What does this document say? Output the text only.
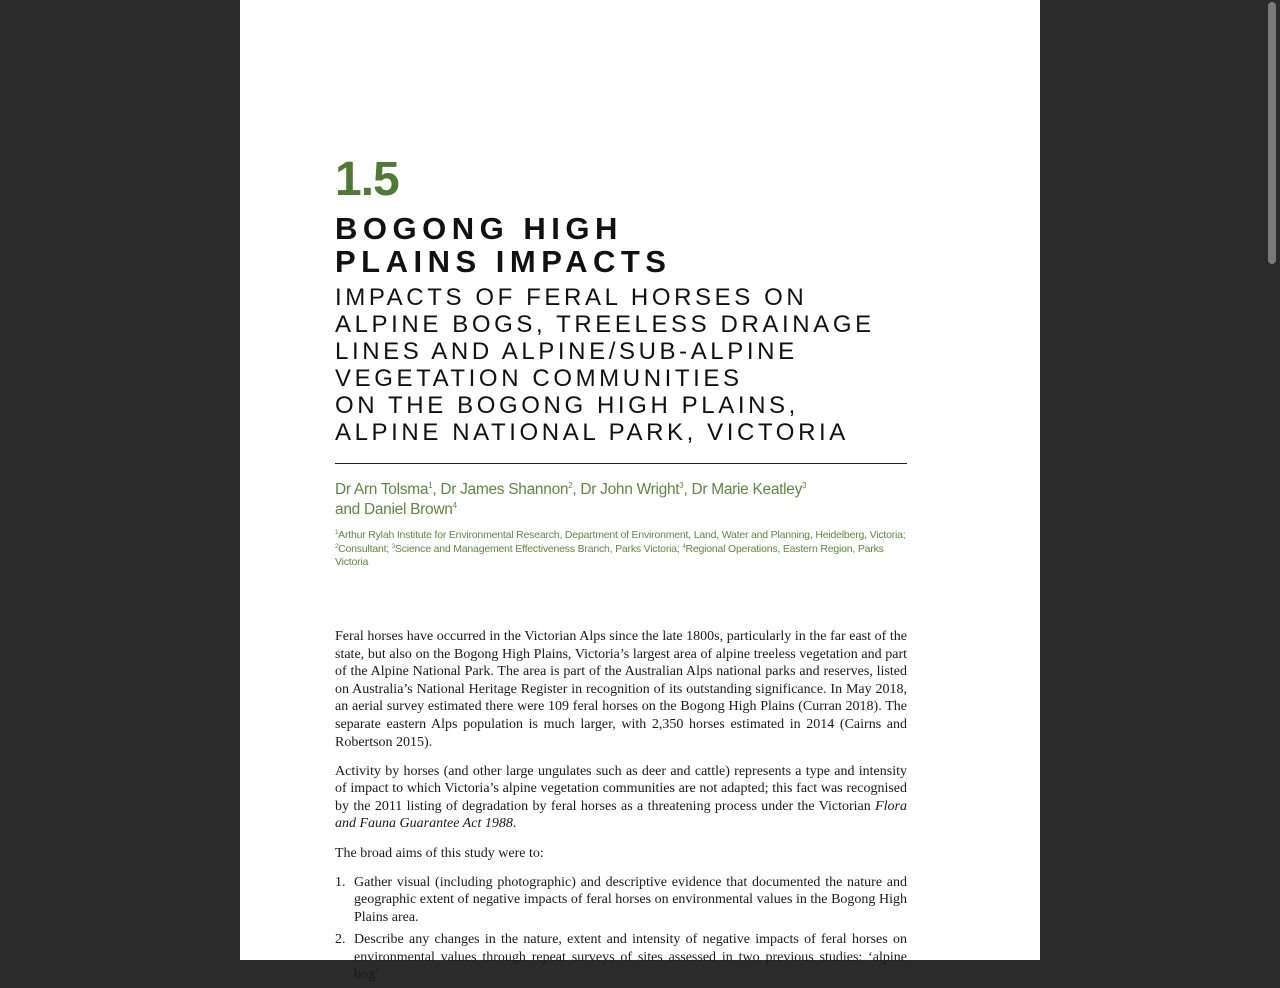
1.5
BOGONG HIGH
PLAINS IMPACTS
IMPACTS OF FERAL HORSES ON
ALPINE BOGS, TREELESS DRAINAGE
LINES AND ALPINE/SUB-ALPINE
VEGETATION COMMUNITIES
ON THE BOGONG HIGH PLAINS,
ALPINE NATIONAL PARK, VICTORIA
Dr Arn Tolsma$^1$, Dr James Shannon$^2$, Dr John Wright$^3$, Dr Marie Keatley$^3$
and Daniel Brown$^4$
$^1$Arthur Rylah Institute for Environmental Research, Department of Environment, Land, Water and Planning, Heidelberg, Victoria; $^2$Consultant; $^3$Science and Management Effectiveness Branch, Parks Victoria; $^4$Regional Operations, Eastern Region, Parks Victoria

Feral horses have occurred in the Victorian Alps since the late 1800s, particularly in the far east of the state, but also on the Bogong High Plains, Victoria’s largest area of alpine treeless vegetation and part of the Alpine National Park. The area is part of the Australian Alps national parks and reserves, listed on Australia’s National Heritage Register in recognition of its outstanding significance. In May 2018, an aerial survey estimated there were 109 feral horses on the Bogong High Plains (Curran 2018). The separate eastern Alps population is much larger, with 2,350 horses estimated in 2014 (Cairns and Robertson 2015).

Activity by horses (and other large ungulates such as deer and cattle) represents a type and intensity of impact to which Victoria’s alpine vegetation communities are not adapted; this fact was recognised by the 2011 listing of degradation by feral horses as a threatening process under the Victorian Flora and Fauna Guarantee Act 1988.

The broad aims of this study were to:

1. Gather visual (including photographic) and descriptive evidence that documented the nature and geographic extent of negative impacts of feral horses on environmental values in the Bogong High Plains area.
2. Describe any changes in the nature, extent and intensity of negative impacts of feral horses on environmental values through repeat surveys of sites assessed in two previous studies: ‘alpine bog’
